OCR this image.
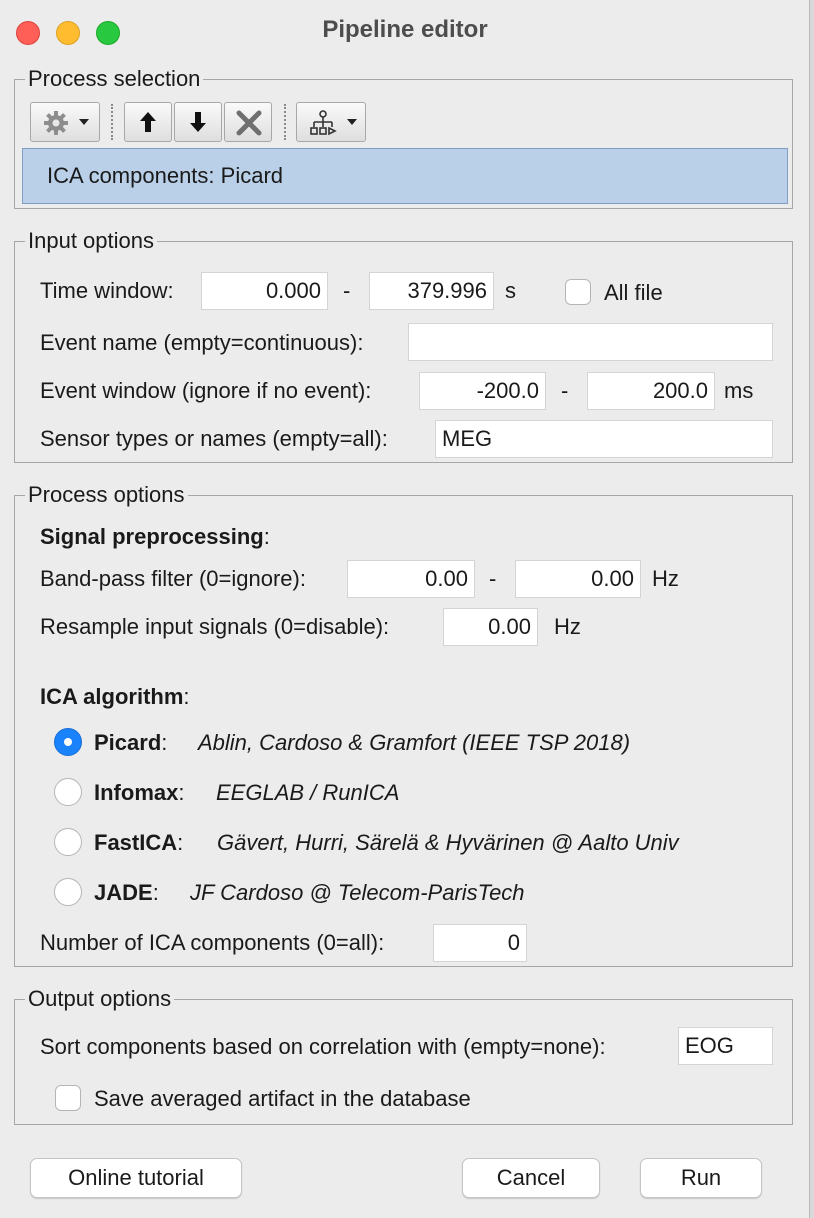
Pipeline editor
Process selection
ICA components: Picard
Input options
Time window:	0.000	-	379.996 s	All file
Event name (empty=continuous):
Event window (ignore if no event):	-200.0	-	200.0 ms
Sensor types or names (empty=all):	MEG
Process options
Signal preprocessing:
Band-pass filter (0=ignore):	0.00 -	0.00 Hz
Resample input signals (0=disable):	0.00	Hz
ICA algorithm:
Picard: Ablin, Cardoso & Gramfort (IEEE TSP 2018)
Infomax: EEGLAB / RunICA
FastICA: Gävert, Hurri, Särelä & Hyvärinen @ Aalto Univ
JADE: JF Cardoso @ Telecom-ParisTech
Number of ICA components (0=all):	0
Output options
Sort components based on correlation with (empty=none):	EOG
Save averaged artifact in the database
Online tutorial	Cancel	Run
